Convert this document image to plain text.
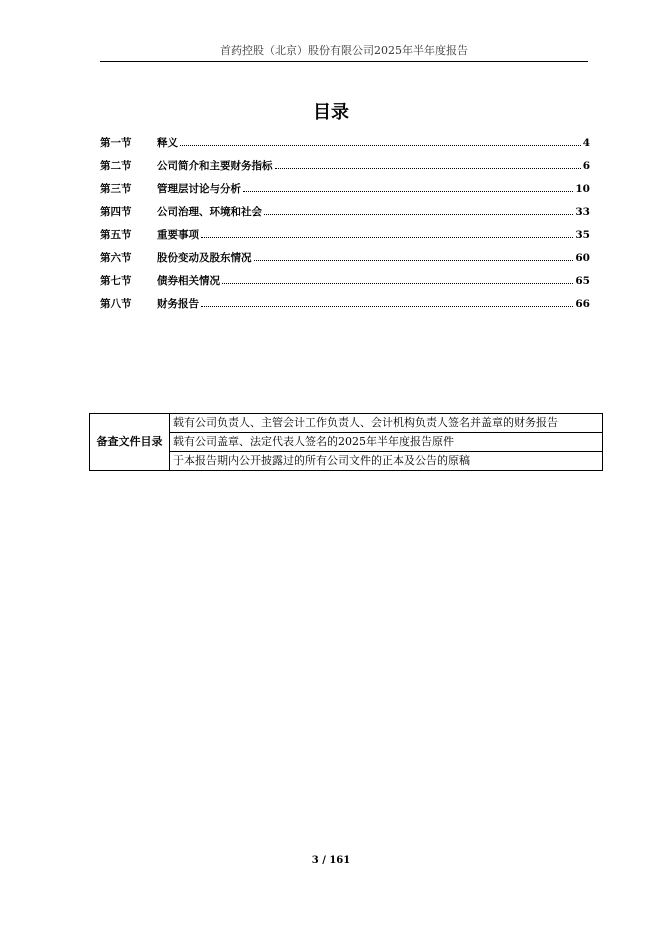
首药控股（北京）股份有限公司2025年半年度报告
目录
第一节	释义	4
第二节	公司简介和主要财务指标	6
第三节	管理层讨论与分析	10
第四节	公司治理、环境和社会	33
第五节	重要事项	35
第六节	股份变动及股东情况	60
第七节	债券相关情况	65
第八节	财务报告	66
备查文件目录	载有公司负责人、主管会计工作负责人、会计机构负责人签名并盖章的财务报告
载有公司盖章、法定代表人签名的2025年半年度报告原件
于本报告期内公开披露过的所有公司文件的正本及公告的原稿
3 / 161
